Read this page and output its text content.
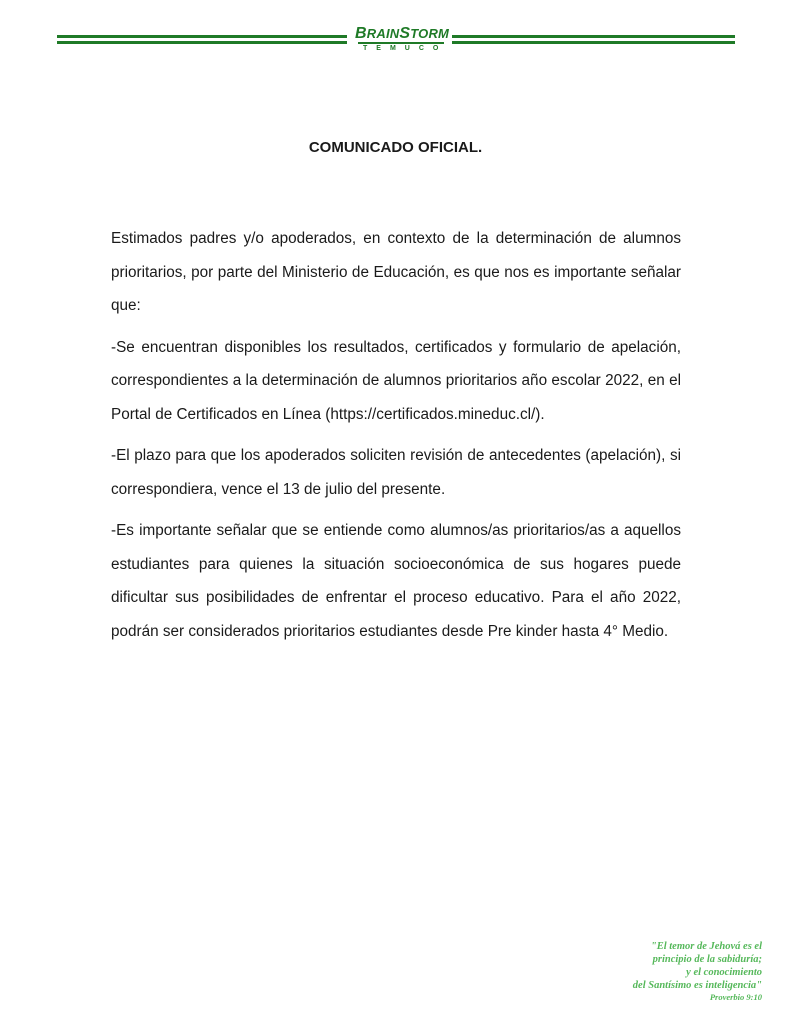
BRAINSTORM
TEMUCO
COMUNICADO OFICIAL.

Estimados padres y/o apoderados, en contexto de la determinación de alumnos prioritarios, por parte del Ministerio de Educación, es que nos es importante señalar que:

-Se encuentran disponibles los resultados, certificados y formulario de apelación, correspondientes a la determinación de alumnos prioritarios año escolar 2022, en el Portal de Certificados en Línea (https://certificados.mineduc.cl/).

-El plazo para que los apoderados soliciten revisión de antecedentes (apelación), si correspondiera, vence el 13 de julio del presente.

-Es importante señalar que se entiende como alumnos/as prioritarios/as a aquellos estudiantes para quienes la situación socioeconómica de sus hogares puede dificultar sus posibilidades de enfrentar el proceso educativo. Para el año 2022, podrán ser considerados prioritarios estudiantes desde Pre kinder hasta 4° Medio.

"El temor de Jehová es el
principio de la sabiduría;
y el conocimiento
del Santísimo es inteligencia"
Proverbio 9:10
